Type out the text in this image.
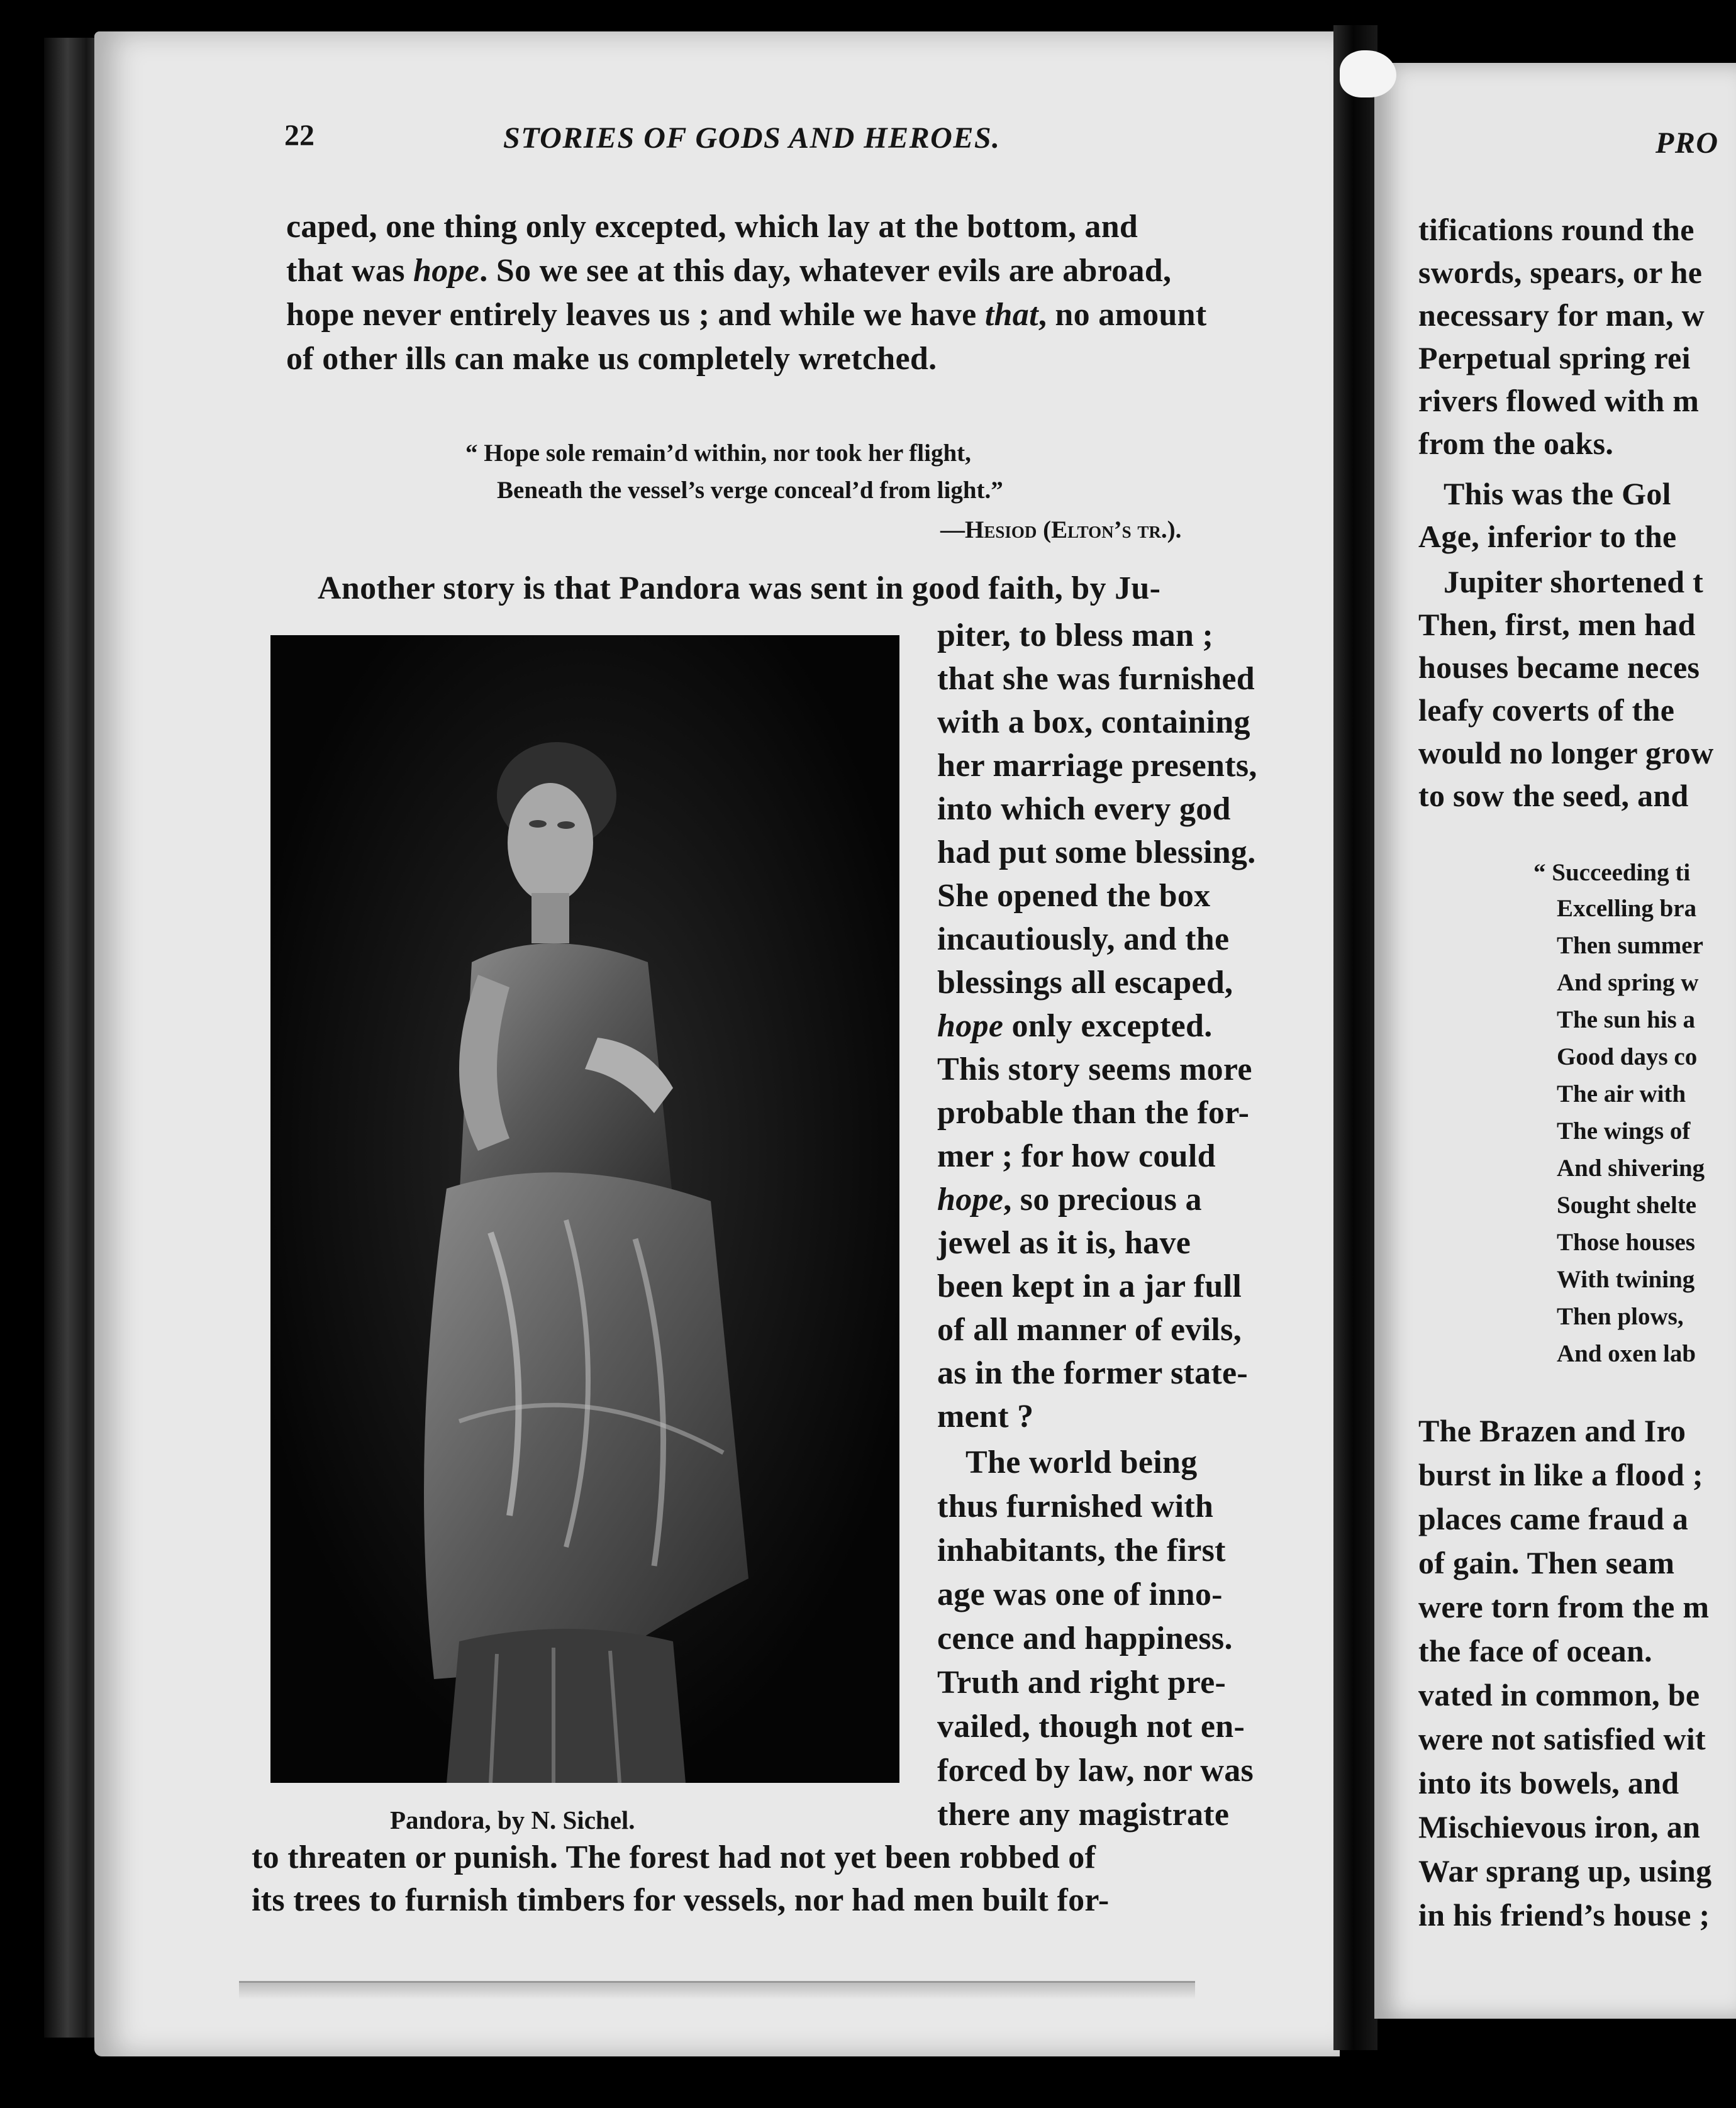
22	STORIES OF GODS AND HEROES.
caped, one thing only excepted, which lay at the bottom, and
that was hope. So we see at this day, whatever evils are abroad,
hope never entirely leaves us ; and while we have that, no amount
of other ills can make us completely wretched.
“ Hope sole remain’d within, nor took her flight,
Beneath the vessel’s verge conceal’d from light.”
—Hesiod (Elton’s tr.).
Another story is that Pandora was sent in good faith, by Ju-
piter, to bless man ;
that she was furnished
with a box, containing
her marriage presents,
into which every god
had put some blessing.
She opened the box
incautiously, and the
blessings all escaped,
hope only excepted.
This story seems more
probable than the for-
mer ; for how could
hope, so precious a
jewel as it is, have
been kept in a jar full
of all manner of evils,
as in the former state-
ment ?
The world being
thus furnished with
inhabitants, the first
age was one of inno-
cence and happiness.
Truth and right pre-
vailed, though not en-
forced by law, nor was
there any magistrate
to threaten or punish. The forest had not yet been robbed of
its trees to furnish timbers for vessels, nor had men built for-
Pandora, by N. Sichel.
PRO
tifications round the
swords, spears, or he
necessary for man, w
Perpetual spring rei
rivers flowed with m
from the oaks.
This was the Gol
Age, inferior to the
Jupiter shortened t
Then, first, men had
houses became neces
leafy coverts of the
would no longer grow
to sow the seed, and
“ Succeeding ti
Excelling bra
Then summer
And spring w
The sun his a
Good days co
The air with
The wings of
And shivering
Sought shelte
Those houses
With twining
Then plows,
And oxen lab
The Brazen and Iro
burst in like a flood ;
places came fraud a
of gain. Then seam
were torn from the m
the face of ocean.
vated in common, be
were not satisfied wit
into its bowels, and
Mischievous iron, an
War sprang up, using
in his friend’s house ;
